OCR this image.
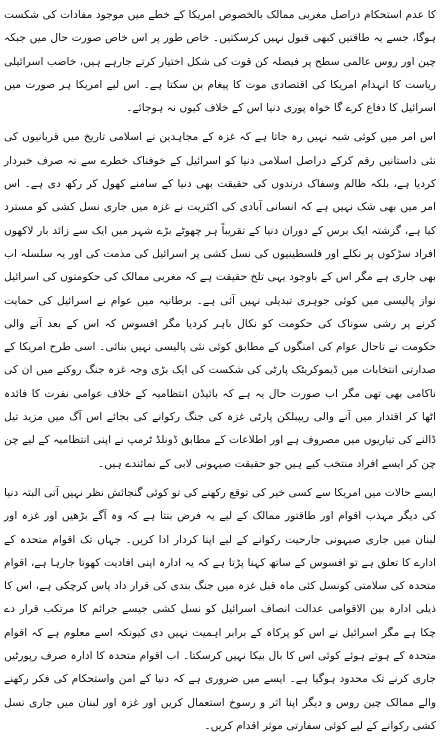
کا عدم استحکام دراصل مغربی ممالک بالخصوص امریکا کے خطے میں موجود مفادات کی شکست ہوگا، جسے یہ طاقتیں کبھی قبول نہیں کرسکتیں۔ خاص طور پر اس خاص صورت حال میں جبکہ چین اور روس عالمی سطح پر فیصلہ کن قوت کی شکل اختیار کرتے جارہے ہیں، خاصب اسرائیلی ریاست کا انہدام امریکا کی اقتصادی موت کا پیغام بن سکتا ہے۔ اس لیے امریکا ہر صورت میں اسرائیل کا دفاع کرے گا خواہ پوری دنیا اس کے خلاف کیوں نہ ہوجائے۔

اس امر میں کوئی شبہ نہیں رہ جاتا ہے کہ غزہ کے مجاہدین نے اسلامی تاریخ میں قربانیوں کی نئی داستانیں رقم کرکے دراصل اسلامی دنیا کو اسرائیل کے خوفناک خطرے سے نہ صرف خبردار کردیا ہے، بلکہ ظالم وسفاک درندوں کی حقیقت بھی دنیا کے سامنے کھول کر رکھ دی ہے۔ اس امر میں بھی شک نہیں ہے کہ انسانی آبادی کی اکثریت نے غزہ میں جاری نسل کشی کو مسترد کیا ہے، گزشتہ ایک برس کے دوران دنیا کے تقریباً ہر چھوٹے بڑے شہر میں ایک سے زائد بار لاکھوں افراد سڑکوں پر نکلے اور فلسطینیوں کی نسل کشی پر اسرائیل کی مذمت کی اور یہ سلسلہ اب بھی جاری ہے مگر اس کے باوجود یہی تلخ حقیقت ہے کہ مغربی ممالک کی حکومتوں کی اسرائیل نواز پالیسی میں کوئی جوہری تبدیلی نہیں آئی ہے۔ برطانیہ میں عوام نے اسرائیل کی حمایت کرنے پر رشی سوناک کی حکومت کو نکال باہر کردیا مگر افسوس کہ اس کے بعد آنے والی حکومت نے تاحال عوام کی امنگوں کے مطابق کوئی نئی پالیسی نہیں بنائی۔ اسی طرح امریکا کے صدارتی انتخابات میں ڈیموکریٹک پارٹی کی شکست کی ایک بڑی وجہ غزہ جنگ روکنے میں ان کی ناکامی بھی تھی مگر اب صورت حال یہ ہے کہ بائیڈن انتظامیہ کے خلاف عوامی نفرت کا فائدہ اٹھا کر اقتدار میں آنے والی ریپبلکن پارٹی غزہ کی جنگ رکوانے کی بجائے اس آگ میں مزید تیل ڈالنے کی تیاریوں میں مصروف ہے اور اطلاعات کے مطابق ڈونلڈ ٹرمپ نے اپنی انتظامیہ کے لیے چن چن کر ایسے افراد منتخب کیے ہیں جو حقیقت صیہونی لابی کے نمائندے ہیں۔

ایسے حالات میں امریکا سے کسی خیر کی توقع رکھنے کی تو کوئی گنجائش نظر نہیں آتی البتہ دنیا کی دیگر مہذب اقوام اور طاقتور ممالک کے لیے یہ فرض بنتا ہے کہ وہ آگے بڑھیں اور غزہ اور لبنان میں جاری صیہونی جارحیت رکوانے کے لیے اپنا کردار ادا کریں۔ جہاں تک اقوام متحدہ کے ادارے کا تعلق ہے تو افسوس کے ساتھ کہنا پڑتا ہے کہ یہ ادارہ اپنی افادیت کھوتا جارہا ہے، اقوام متحدہ کی سلامتی کونسل کئی ماہ قبل غزہ میں جنگ بندی کی قرار داد پاس کرچکی ہے، اس کا ذیلی ادارہ بین الاقوامی عدالت انصاف اسرائیل کو نسل کشی جیسے جرائم کا مرتکب قرار دے چکا ہے مگر اسرائیل نے اس کو پرکاہ کے برابر اہمیت نہیں دی کیونکہ اسے معلوم ہے کہ اقوام متحدہ کے ہوتے ہوئے کوئی اس کا بال بیکا نہیں کرسکتا۔ اب اقوام متحدہ کا ادارہ صرف رپورٹیں جاری کرنے تک محدود ہوگیا ہے۔ ایسے میں ضروری ہے کہ دنیا کے امن واستحکام کی فکر رکھنے والے ممالک چین روس و دیگر اپنا اثر و رسوخ استعمال کریں اور غزہ اور لبنان میں جاری نسل کشی رکوانے کے لیے کوئی سفارتی موثر اقدام کریں۔
